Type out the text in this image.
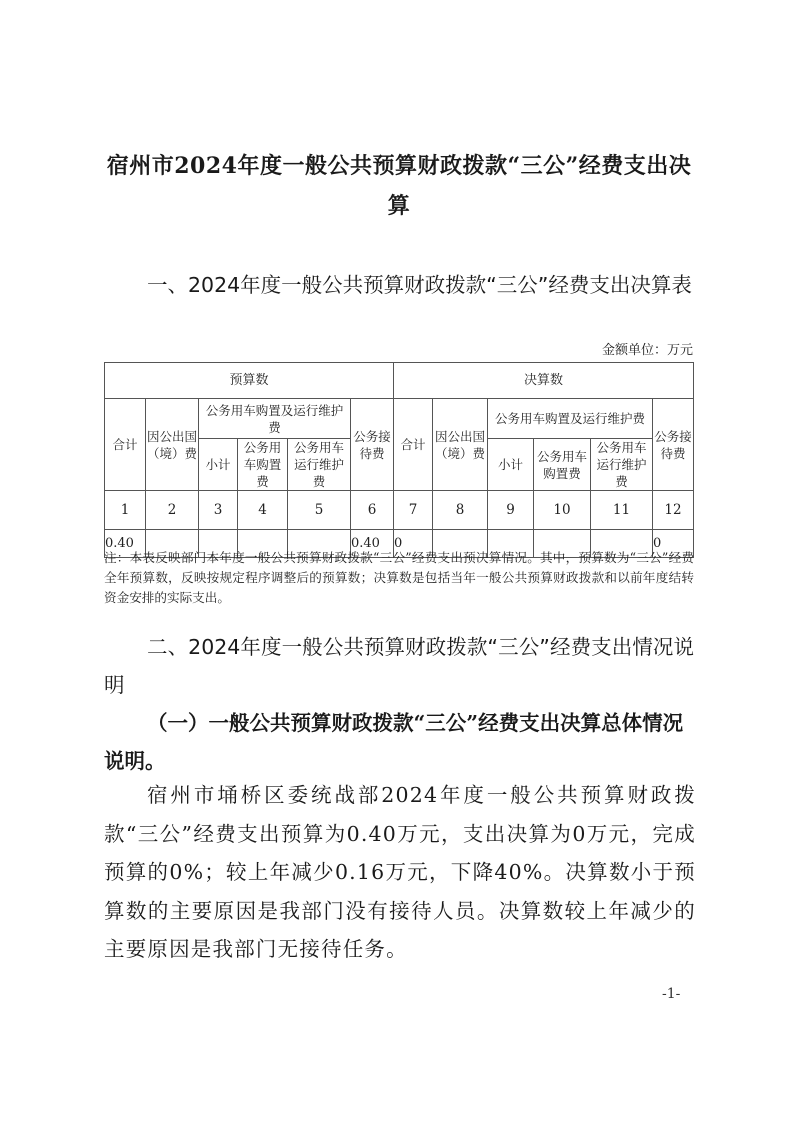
宿州市2024年度一般公共预算财政拨款“三公”经费支出决算
一、2024年度一般公共预算财政拨款“三公”经费支出决算表
金额单位：万元
预算数						决算数					
合计	因公出国（境）费	公务用车购置及运行维护费			公务接待费	合计	因公出国（境）费	公务用车购置及运行维护费			公务接待费
		小计	公务用车购置费	公务用车运行维护费				小计	公务用车购置费	公务用车运行维护费	
1	2	3	4	5	6	7	8	9	10	11	12
0.40					0.40	0					0
注：本表反映部门本年度一般公共预算财政拨款“三公”经费支出预决算情况。其中，预算数为“三公”经费全年预算数，反映按规定程序调整后的预算数；决算数是包括当年一般公共预算财政拨款和以前年度结转资金安排的实际支出。
二、2024年度一般公共预算财政拨款“三公”经费支出情况说明
（一）一般公共预算财政拨款“三公”经费支出决算总体情况说明。
宿州市埇桥区委统战部2024年度一般公共预算财政拨款“三公”经费支出预算为0.40万元，支出决算为0万元，完成预算的0%；较上年减少0.16万元，下降40%。决算数小于预算数的主要原因是我部门没有接待人员。决算数较上年减少的主要原因是我部门无接待任务。
-1-
